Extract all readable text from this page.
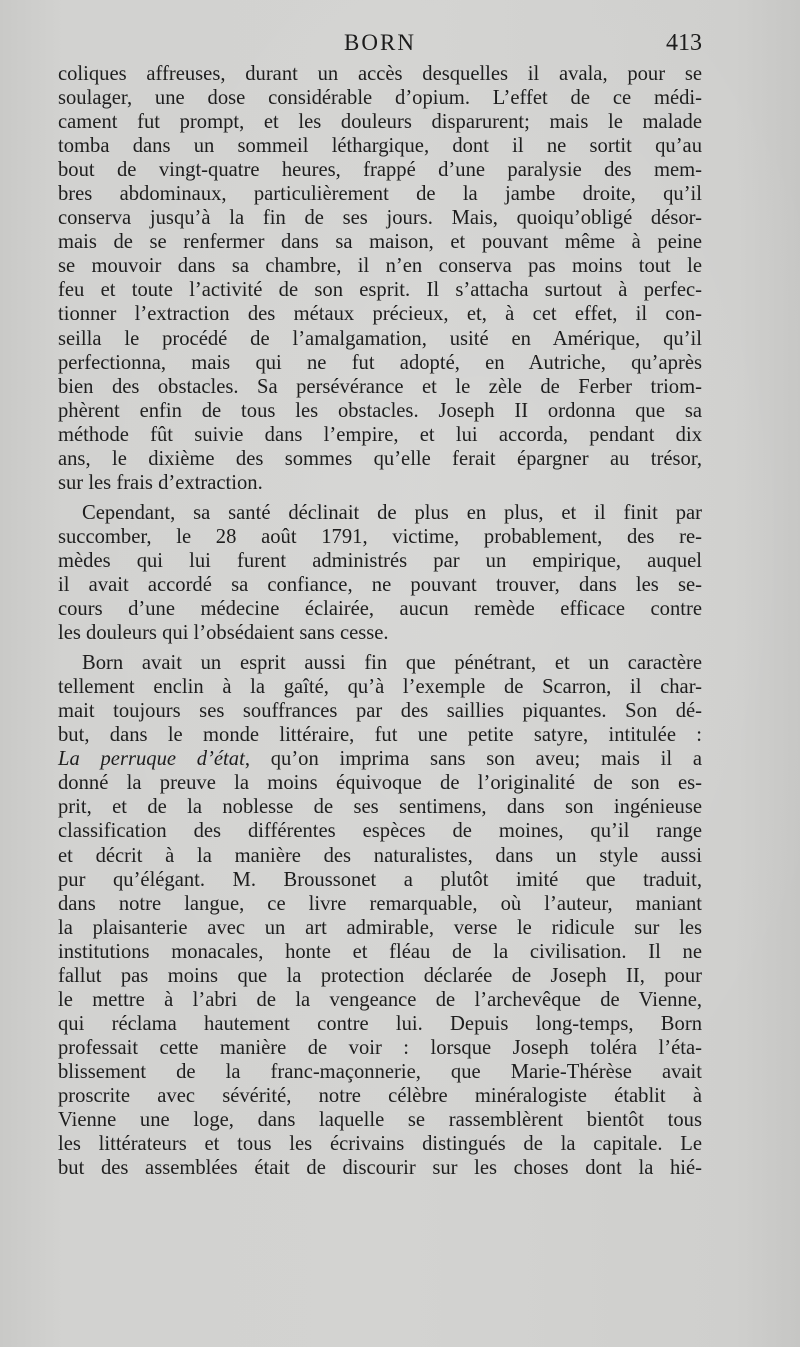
BORN	413
coliques affreuses, durant un accès desquelles il avala, pour se
soulager, une dose considérable d’opium. L’effet de ce médi-
cament fut prompt, et les douleurs disparurent; mais le malade
tomba dans un sommeil léthargique, dont il ne sortit qu’au
bout de vingt-quatre heures, frappé d’une paralysie des mem-
bres abdominaux, particulièrement de la jambe droite, qu’il
conserva jusqu’à la fin de ses jours. Mais, quoiqu’obligé désor-
mais de se renfermer dans sa maison, et pouvant même à peine
se mouvoir dans sa chambre, il n’en conserva pas moins tout le
feu et toute l’activité de son esprit. Il s’attacha surtout à perfec-
tionner l’extraction des métaux précieux, et, à cet effet, il con-
seilla le procédé de l’amalgamation, usité en Amérique, qu’il
perfectionna, mais qui ne fut adopté, en Autriche, qu’après
bien des obstacles. Sa persévérance et le zèle de Ferber triom-
phèrent enfin de tous les obstacles. Joseph II ordonna que sa
méthode fût suivie dans l’empire, et lui accorda, pendant dix
ans, le dixième des sommes qu’elle ferait épargner au trésor,
sur les frais d’extraction.
Cependant, sa santé déclinait de plus en plus, et il finit par
succomber, le 28 août 1791, victime, probablement, des re-
mèdes qui lui furent administrés par un empirique, auquel
il avait accordé sa confiance, ne pouvant trouver, dans les se-
cours d’une médecine éclairée, aucun remède efficace contre
les douleurs qui l’obsédaient sans cesse.
Born avait un esprit aussi fin que pénétrant, et un caractère
tellement enclin à la gaîté, qu’à l’exemple de Scarron, il char-
mait toujours ses souffrances par des saillies piquantes. Son dé-
but, dans le monde littéraire, fut une petite satyre, intitulée :
La perruque d’état, qu’on imprima sans son aveu; mais il a
donné la preuve la moins équivoque de l’originalité de son es-
prit, et de la noblesse de ses sentimens, dans son ingénieuse
classification des différentes espèces de moines, qu’il range
et décrit à la manière des naturalistes, dans un style aussi
pur qu’élégant. M. Broussonet a plutôt imité que traduit,
dans notre langue, ce livre remarquable, où l’auteur, maniant
la plaisanterie avec un art admirable, verse le ridicule sur les
institutions monacales, honte et fléau de la civilisation. Il ne
fallut pas moins que la protection déclarée de Joseph II, pour
le mettre à l’abri de la vengeance de l’archevêque de Vienne,
qui réclama hautement contre lui. Depuis long-temps, Born
professait cette manière de voir : lorsque Joseph toléra l’éta-
blissement de la franc-maçonnerie, que Marie-Thérèse avait
proscrite avec sévérité, notre célèbre minéralogiste établit à
Vienne une loge, dans laquelle se rassemblèrent bientôt tous
les littérateurs et tous les écrivains distingués de la capitale. Le
but des assemblées était de discourir sur les choses dont la hié-
